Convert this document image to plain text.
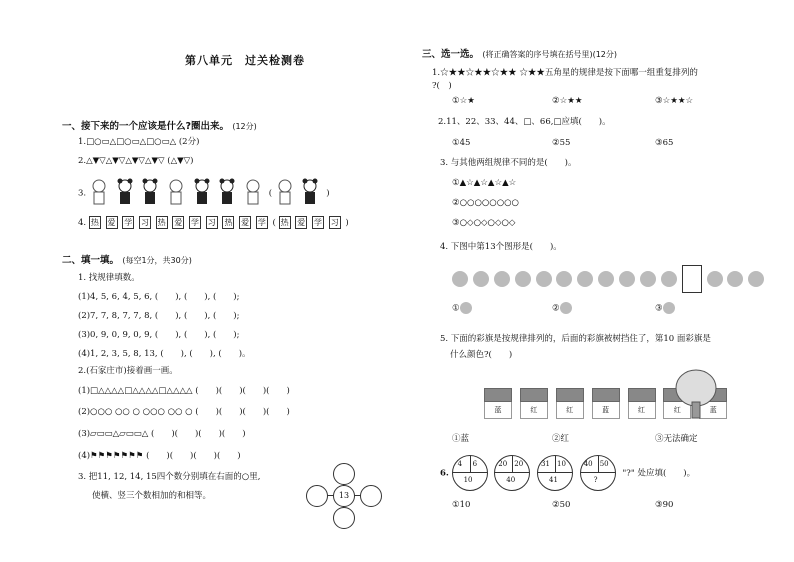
第八单元　过关检测卷
一、接下来的一个应该是什么?圈出来。 (12分)
1.□○▭△□○▭△□○▭△ (2分)
2.△▼▽△▼▽△▼▽△▼▽ (△▼▽)
3.	(	)
4. 热 爱 学 习 热 爱 学 习 热 爱 学 ( 热 爱 学 习 )
二、填一填。 (每空1分，共30分)
1. 找规律填数。
(1)4, 5, 6, 4, 5, 6, (　　), (　　), (　　);
(2)7, 7, 8, 7, 7, 8, (　　), (　　), (　　);
(3)0, 9, 0, 9, 0, 9, (　　), (　　), (　　);
(4)1, 2, 3, 5, 8, 13, (　　), (　　), (　　)。
2.(石家庄市)接着画一画。
(1)□△△△△□△△△△□△△△△ (　　)(　　)(　　)(　　)
(2)○○○ ○○ ○ ○○○ ○○ ○ (　　)(　　)(　　)(　　)
(3)▱▭▭△▱▭▭△ (　　)(　　)(　　)(　　)
(4)⚑⚑⚑⚑⚑⚑⚑ (　　)(　　)(　　)(　　)
3. 把11, 12, 14, 15四个数分别填在右面的○里,
使横、竖三个数相加的和相等。	13
三、选一选。 (将正确答案的序号填在括号里)(12分)
1.☆★★☆★★☆★★ ☆★★五角星的规律是按下面哪一组重复排列的
?(　)
①☆★	②☆★★	③☆★★☆
2.11、22、33、44、□、66,□应填(　　)。
①45	②55	③65
3. 与其他两组规律不同的是(　　)。
①▲☆▲☆▲☆▲☆
②○○○○○○○○
③○◇○◇○◇○◇
4. 下图中第13个图形是(　　)。

①	②	③
5. 下面的彩旗是按规律排列的，后面的彩旗被树挡住了，第10 面彩旗是
什么颜色?(　　)
蓝
	红
	红
	蓝
	红
	红
	蓝
①蓝	②红	③无法确定
6.
4 6
10

20 20
40

31 10
41

40 50
?
"?" 处应填(　　)。
①10	②50	③90
